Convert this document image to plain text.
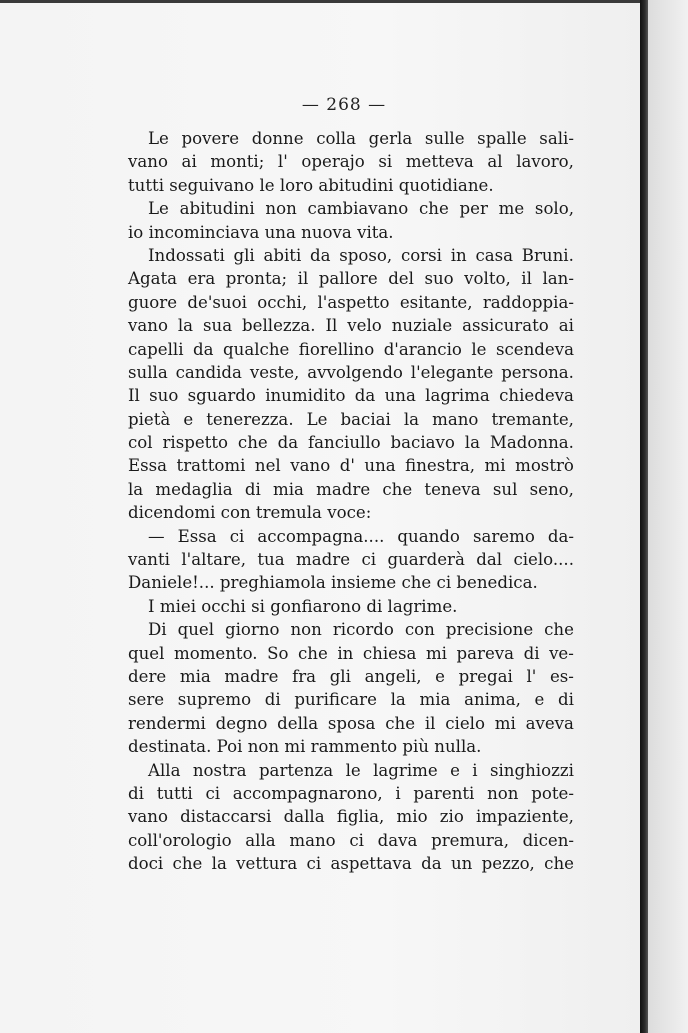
— 268 —
Le povere donne colla gerla sulle spalle sali-
vano ai monti; l' operajo si metteva al lavoro,
tutti seguivano le loro abitudini quotidiane.
Le abitudini non cambiavano che per me solo,
io incominciava una nuova vita.
Indossati gli abiti da sposo, corsi in casa Bruni.
Agata era pronta; il pallore del suo volto, il lan-
guore de'suoi occhi, l'aspetto esitante, raddoppia-
vano la sua bellezza. Il velo nuziale assicurato ai
capelli da qualche fiorellino d'arancio le scendeva
sulla candida veste, avvolgendo l'elegante persona.
Il suo sguardo inumidito da una lagrima chiedeva
pietà e tenerezza. Le baciai la mano tremante,
col rispetto che da fanciullo baciavo la Madonna.
Essa trattomi nel vano d' una finestra, mi mostrò
la medaglia di mia madre che teneva sul seno,
dicendomi con tremula voce:
— Essa ci accompagna.... quando saremo da-
vanti l'altare, tua madre ci guarderà dal cielo....
Daniele!... preghiamola insieme che ci benedica.
I miei occhi si gonfiarono di lagrime.
Di quel giorno non ricordo con precisione che
quel momento. So che in chiesa mi pareva di ve-
dere mia madre fra gli angeli, e pregai l' es-
sere supremo di purificare la mia anima, e di
rendermi degno della sposa che il cielo mi aveva
destinata. Poi non mi rammento più nulla.
Alla nostra partenza le lagrime e i singhiozzi
di tutti ci accompagnarono, i parenti non pote-
vano distaccarsi dalla figlia, mio zio impaziente,
coll'orologio alla mano ci dava premura, dicen-
doci che la vettura ci aspettava da un pezzo, che
